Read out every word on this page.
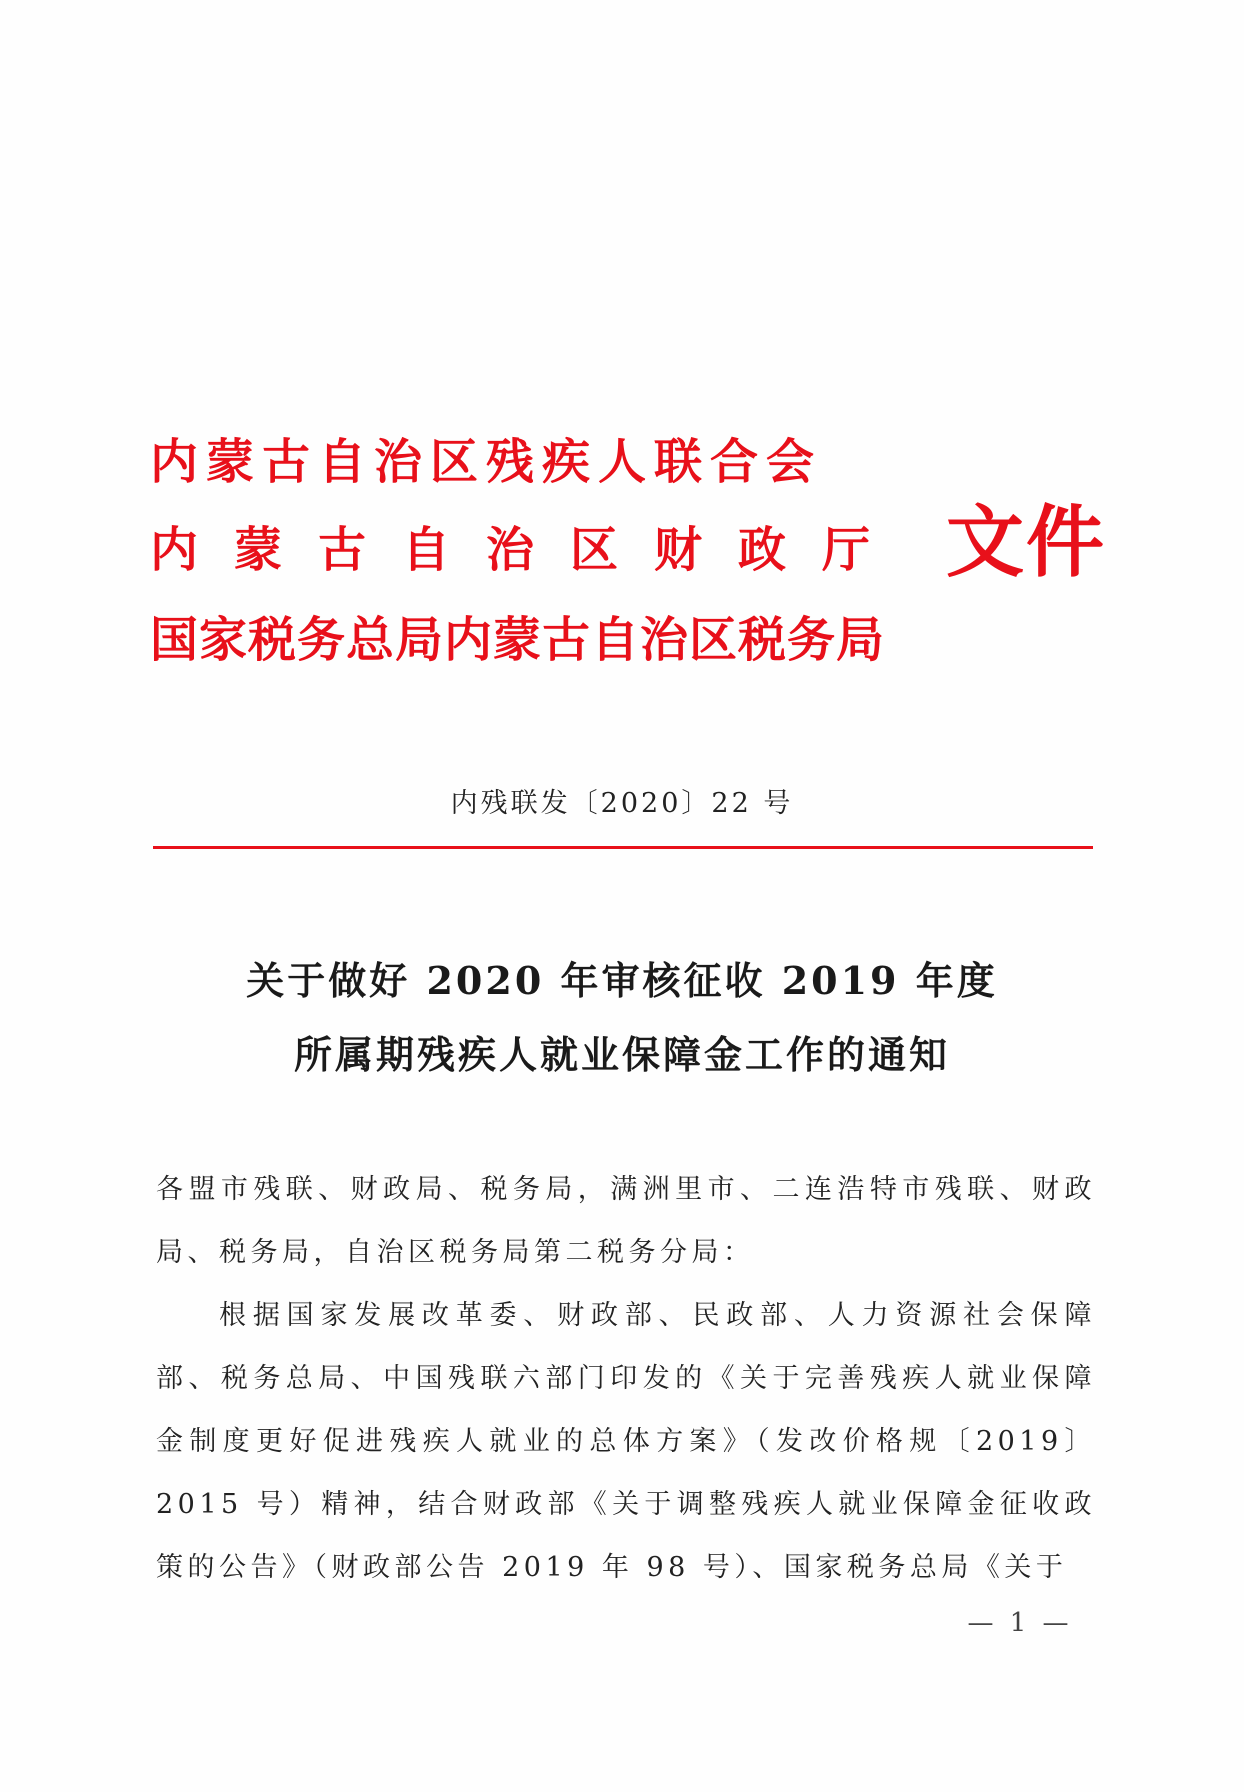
内蒙古自治区残疾人联合会
内蒙古自治区财政厅
国家税务总局内蒙古自治区税务局
文件
内残联发〔2020〕22 号
关于做好 2020 年审核征收 2019 年度
所属期残疾人就业保障金工作的通知

各盟市残联、财政局、税务局，满洲里市、二连浩特市残联、财政局、税务局，自治区税务局第二税务分局：

根据国家发展改革委、财政部、民政部、人力资源社会保障部、税务总局、中国残联六部门印发的《关于完善残疾人就业保障金制度更好促进残疾人就业的总体方案》（发改价格规〔2019〕2015 号）精神，结合财政部《关于调整残疾人就业保障金征收政策的公告》（财政部公告 2019 年 98 号）、国家税务总局《关于

— 1 —
